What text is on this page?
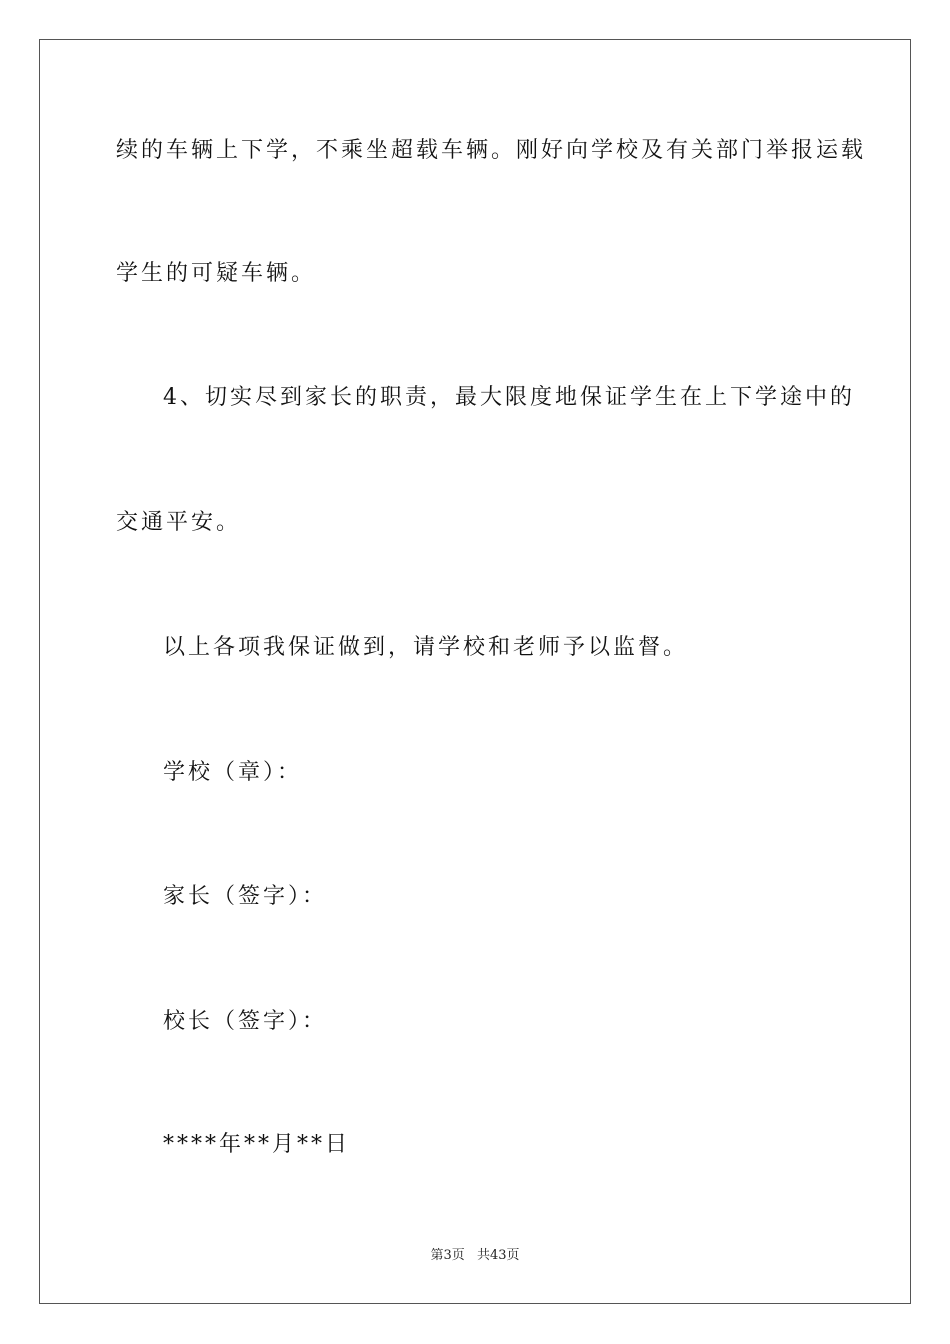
续的车辆上下学，不乘坐超载车辆。刚好向学校及有关部门举报运载
学生的可疑车辆。
4、切实尽到家长的职责，最大限度地保证学生在上下学途中的
交通平安。
以上各项我保证做到，请学校和老师予以监督。
学校（章）：
家长（签字）：
校长（签字）：
****年**月**日
第3页 共43页
